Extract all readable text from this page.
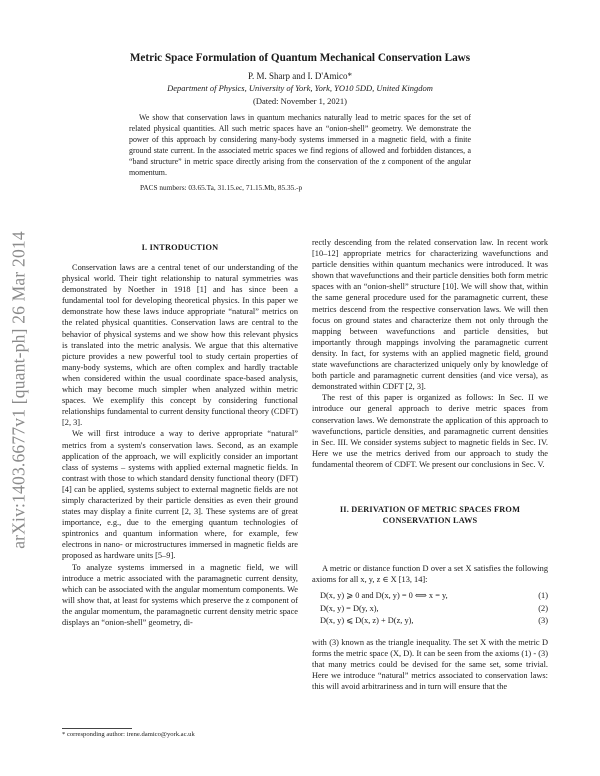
arXiv:1403.6677v1 [quant-ph] 26 Mar 2014
Metric Space Formulation of Quantum Mechanical Conservation Laws
P. M. Sharp and I. D'Amico*
Department of Physics, University of York, York, YO10 5DD, United Kingdom
(Dated: November 1, 2021)

We show that conservation laws in quantum mechanics naturally lead to metric spaces for the set of related physical quantities. All such metric spaces have an “onion-shell” geometry. We demonstrate the power of this approach by considering many-body systems immersed in a magnetic field, with a finite ground state current. In the associated metric spaces we find regions of allowed and forbidden distances, a “band structure” in metric space directly arising from the conservation of the z component of the angular momentum.

PACS numbers: 03.65.Ta, 31.15.ec, 71.15.Mb, 85.35.-p

I. INTRODUCTION

Conservation laws are a central tenet of our understanding of the physical world. Their tight relationship to natural symmetries was demonstrated by Noether in 1918 [1] and has since been a fundamental tool for developing theoretical physics. In this paper we demonstrate how these laws induce appropriate “natural” metrics on the related physical quantities. Conservation laws are central to the behavior of physical systems and we show how this relevant physics is translated into the metric analysis. We argue that this alternative picture provides a new powerful tool to study certain properties of many-body systems, which are often complex and hardly tractable when considered within the usual coordinate space-based analysis, which may become much simpler when analyzed within metric spaces. We exemplify this concept by considering functional relationships fundamental to current density functional theory (CDFT) [2, 3].

We will first introduce a way to derive appropriate “natural” metrics from a system's conservation laws. Second, as an example application of the approach, we will explicitly consider an important class of systems – systems with applied external magnetic fields. In contrast with those to which standard density functional theory (DFT) [4] can be applied, systems subject to external magnetic fields are not simply characterized by their particle densities as even their ground states may display a finite current [2, 3]. These systems are of great importance, e.g., due to the emerging quantum technologies of spintronics and quantum information where, for example, few electrons in nano- or microstructures immersed in magnetic fields are proposed as hardware units [5–9].

To analyze systems immersed in a magnetic field, we will introduce a metric associated with the paramagnetic current density, which can be associated with the angular momentum components. We will show that, at least for systems which preserve the z component of the angular momentum, the paramagnetic current density metric space displays an “onion-shell” geometry, di-

rectly descending from the related conservation law. In recent work [10–12] appropriate metrics for characterizing wavefunctions and particle densities within quantum mechanics were introduced. It was shown that wavefunctions and their particle densities both form metric spaces with an “onion-shell” structure [10]. We will show that, within the same general procedure used for the paramagnetic current, these metrics descend from the respective conservation laws. We will then focus on ground states and characterize them not only through the mapping between wavefunctions and particle densities, but importantly through mappings involving the paramagnetic current density. In fact, for systems with an applied magnetic field, ground state wavefunctions are characterized uniquely only by knowledge of both particle and paramagnetic current densities (and vice versa), as demonstrated within CDFT [2, 3].

The rest of this paper is organized as follows: In Sec. II we introduce our general approach to derive metric spaces from conservation laws. We demonstrate the application of this approach to wavefunctions, particle densities, and paramagnetic current densities in Sec. III. We consider systems subject to magnetic fields in Sec. IV. Here we use the metrics derived from our approach to study the fundamental theorem of CDFT. We present our conclusions in Sec. V.

II. DERIVATION OF METRIC SPACES FROM

CONSERVATION LAWS

A metric or distance function D over a set X satisfies the following axioms for all x, y, z ∈ X [13, 14]:

D(x, y) ⩾ 0 and D(x, y) = 0 ⟺ x = y,	(1)
D(x, y) = D(y, x),	(2)
D(x, y) ⩽ D(x, z) + D(z, y),	(3)

with (3) known as the triangle inequality. The set X with the metric D forms the metric space (X, D). It can be seen from the axioms (1) - (3) that many metrics could be devised for the same set, some trivial. Here we introduce “natural” metrics associated to conservation laws: this will avoid arbitrariness and in turn will ensure that the

* corresponding author: irene.damico@york.ac.uk
